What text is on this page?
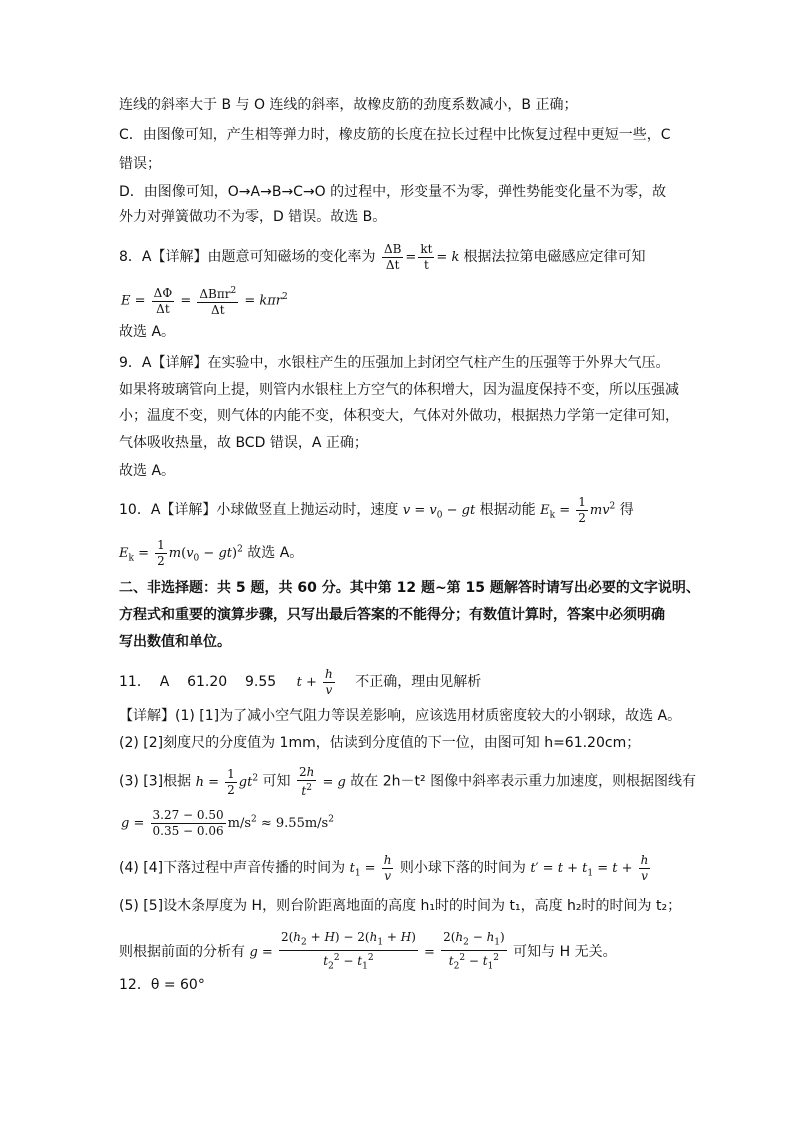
连线的斜率大于 B 与 O 连线的斜率，故橡皮筋的劲度系数减小，B 正确；
C．由图像可知，产生相等弹力时，橡皮筋的长度在拉长过程中比恢复过程中更短一些，C
错误；
D．由图像可知，O→A→B→C→O 的过程中，形变量不为零，弹性势能变化量不为零，故
外力对弹簧做功不为零，D 错误。故选 B。
8．A【详解】由题意可知磁场的变化率为 $\frac{\Delta B}{\Delta t} = \frac{kt}{t} = k$ 根据法拉第电磁感应定律可知
$E = \frac{\Delta\Phi}{\Delta t} = \frac{\Delta B\pi r^2}{\Delta t} = k\pi r^2$
故选 A。
9．A【详解】在实验中，水银柱产生的压强加上封闭空气柱产生的压强等于外界大气压。
如果将玻璃管向上提，则管内水银柱上方空气的体积增大，因为温度保持不变，所以压强减
小；温度不变，则气体的内能不变，体积变大，气体对外做功，根据热力学第一定律可知，
气体吸收热量，故 BCD 错误，A 正确；
故选 A。
10．A【详解】小球做竖直上抛运动时，速度 $v = v_0$ − gt 根据动能 $E_k = \frac{1}{2} mv^2$ 得
$E_k = \frac{1}{2} m(v_0 - gt)^2$ 故选 A。
二、非选择题：共 5 题，共 60 分。其中第 12 题~第 15 题解答时请写出必要的文字说明、
方程式和重要的演算步骤，只写出最后答案的不能得分；有数值计算时，答案中必须明确
写出数值和单位。
11．  A    61.20    9.55 $t + \frac{h}{v}$ 不正确，理由见解析
【详解】(1) [1]为了减小空气阻力等误差影响，应该选用材质密度较大的小钢球，故选 A。
(2) [2]刻度尺的分度值为 1mm，估读到分度值的下一位，由图可知 h=61.20cm；
(3) [3]根据 $h = \frac{1}{2} gt^2$ 可知 $\frac{2h}{t^2} = g$ 故在 2h－t² 图像中斜率表示重力加速度，则根据图线有
$g = \frac{3.27 - 0.50}{0.35 - 0.06} m/s^2 \approx 9.55m/s^2$
(4) [4]下落过程中声音传播的时间为 $t_1 = \frac{h}{v}$ 则小球下落的时间为 $t' = t + t_1 = t + \frac{h}{v}$
(5) [5]设木条厚度为 H，则台阶距离地面的高度 h₁时的时间为 t₁，高度 h₂时的时间为 t₂；
则根据前面的分析有 $g = \frac{2(h_2 + H) - 2(h_1 + H)}{t_2^2 - t_1^2} = \frac{2(h_2 - h_1)}{t_2^2 - t_1^2}$ 可知与 H 无关。
12．θ = 60°
